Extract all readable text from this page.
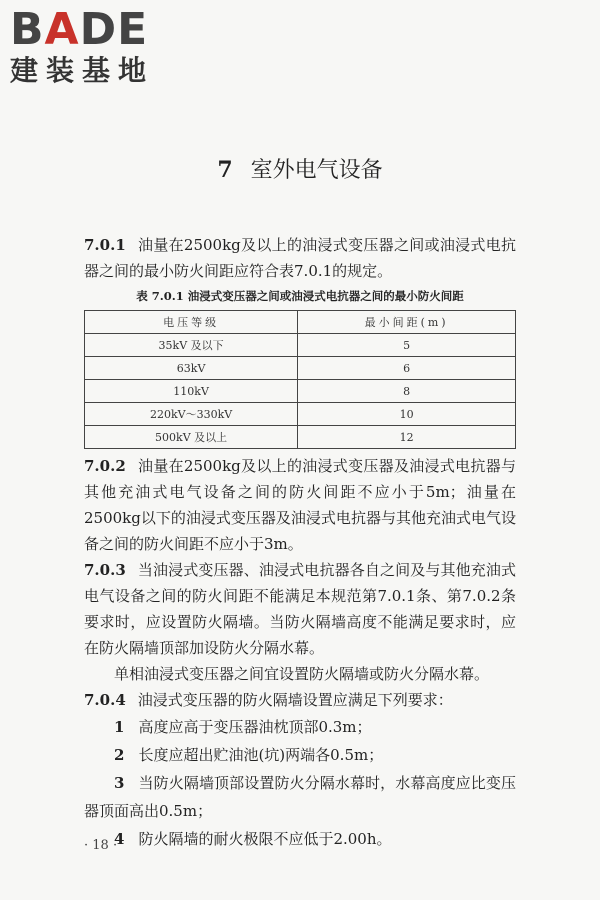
BADE
建装基地
7 室外电气设备

7.0.1 油量在2500kg及以上的油浸式变压器之间或油浸式电抗器之间的最小防火间距应符合表7.0.1的规定。

表 7.0.1 油浸式变压器之间或油浸式电抗器之间的最小防火间距
电压等级	最小间距(m)
35kV 及以下	5
63kV	6
110kV	8
220kV～330kV	10
500kV 及以上	12

7.0.2 油量在2500kg及以上的油浸式变压器及油浸式电抗器与其他充油式电气设备之间的防火间距不应小于5m；油量在2500kg以下的油浸式变压器及油浸式电抗器与其他充油式电气设备之间的防火间距不应小于3m。

7.0.3 当油浸式变压器、油浸式电抗器各自之间及与其他充油式电气设备之间的防火间距不能满足本规范第7.0.1条、第7.0.2条要求时，应设置防火隔墙。当防火隔墙高度不能满足要求时，应在防火隔墙顶部加设防火分隔水幕。

单相油浸式变压器之间宜设置防火隔墙或防火分隔水幕。

7.0.4 油浸式变压器的防火隔墙设置应满足下列要求：

1 高度应高于变压器油枕顶部0.3m；

2 长度应超出贮油池(坑)两端各0.5m；

3 当防火隔墙顶部设置防火分隔水幕时，水幕高度应比变压器顶面高出0.5m；

4 防火隔墙的耐火极限不应低于2.00h。

· 18 ·
